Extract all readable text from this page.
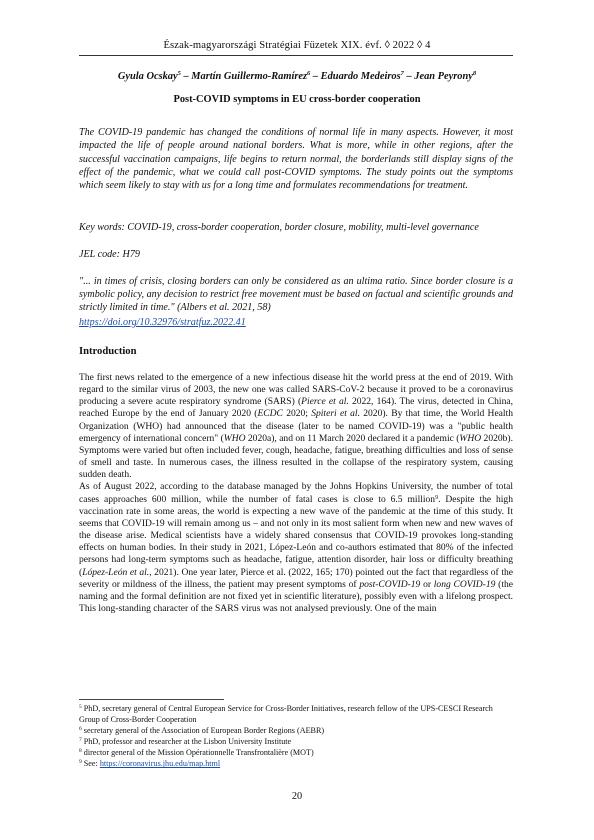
Észak-magyarországi Stratégiai Füzetek XIX. évf. ◊ 2022 ◊ 4
Gyula Ocskay$^5$ – Martín Guillermo-Ramírez$^6$ – Eduardo Medeiros$^7$ – Jean Peyrony$^8$
Post-COVID symptoms in EU cross-border cooperation
The COVID-19 pandemic has changed the conditions of normal life in many aspects. However, it most impacted the life of people around national borders. What is more, while in other regions, after the successful vaccination campaigns, life begins to return normal, the borderlands still display signs of the effect of the pandemic, what we could call post-COVID symptoms. The study points out the symptoms which seem likely to stay with us for a long time and formulates recommendations for treatment.
Key words: COVID-19, cross-border cooperation, border closure, mobility, multi-level governance
JEL code: H79
"... in times of crisis, closing borders can only be considered as an ultima ratio. Since border closure is a symbolic policy, any decision to restrict free movement must be based on factual and scientific grounds and strictly limited in time." (Albers et al. 2021, 58)
https://doi.org/10.32976/stratfuz.2022.41
Introduction

The first news related to the emergence of a new infectious disease hit the world press at the end of 2019. With regard to the similar virus of 2003, the new one was called SARS-CoV-2 because it proved to be a coronavirus producing a severe acute respiratory syndrome (SARS) (Pierce et al. 2022, 164). The virus, detected in China, reached Europe by the end of January 2020 (ECDC 2020; Spiteri et al. 2020). By that time, the World Health Organization (WHO) had announced that the disease (later to be named COVID-19) was a "public health emergency of international concern" (WHO 2020a), and on 11 March 2020 declared it a pandemic (WHO 2020b). Symptoms were varied but often included fever, cough, headache, fatigue, breathing difficulties and loss of sense of smell and taste. In numerous cases, the illness resulted in the collapse of the respiratory system, causing sudden death.

As of August 2022, according to the database managed by the Johns Hopkins University, the number of total cases approaches 600 million, while the number of fatal cases is close to 6.5 million$^9$. Despite the high vaccination rate in some areas, the world is expecting a new wave of the pandemic at the time of this study. It seems that COVID-19 will remain among us – and not only in its most salient form when new and new waves of the disease arise. Medical scientists have a widely shared consensus that COVID-19 provokes long-standing effects on human bodies. In their study in 2021, López-León and co-authors estimated that 80% of the infected persons had long-term symptoms such as headache, fatigue, attention disorder, hair loss or difficulty breathing (López-León et al., 2021). One year later, Pierce et al. (2022, 165; 170) pointed out the fact that regardless of the severity or mildness of the illness, the patient may present symptoms of post-COVID-19 or long COVID-19 (the naming and the formal definition are not fixed yet in scientific literature), possibly even with a lifelong prospect. This long-standing character of the SARS virus was not analysed previously. One of the main

$^5$ PhD, secretary general of Central European Service for Cross-Border Initiatives, research fellow of the UPS-CESCI Research Group of Cross-Border Cooperation
$^6$ secretary general of the Association of European Border Regions (AEBR)
$^7$ PhD, professor and researcher at the Lisbon University Institute
$^8$ director general of the Mission Opérationnelle Transfrontalière (MOT)
$^9$ See: https://coronavirus.jhu.edu/map.html
20
